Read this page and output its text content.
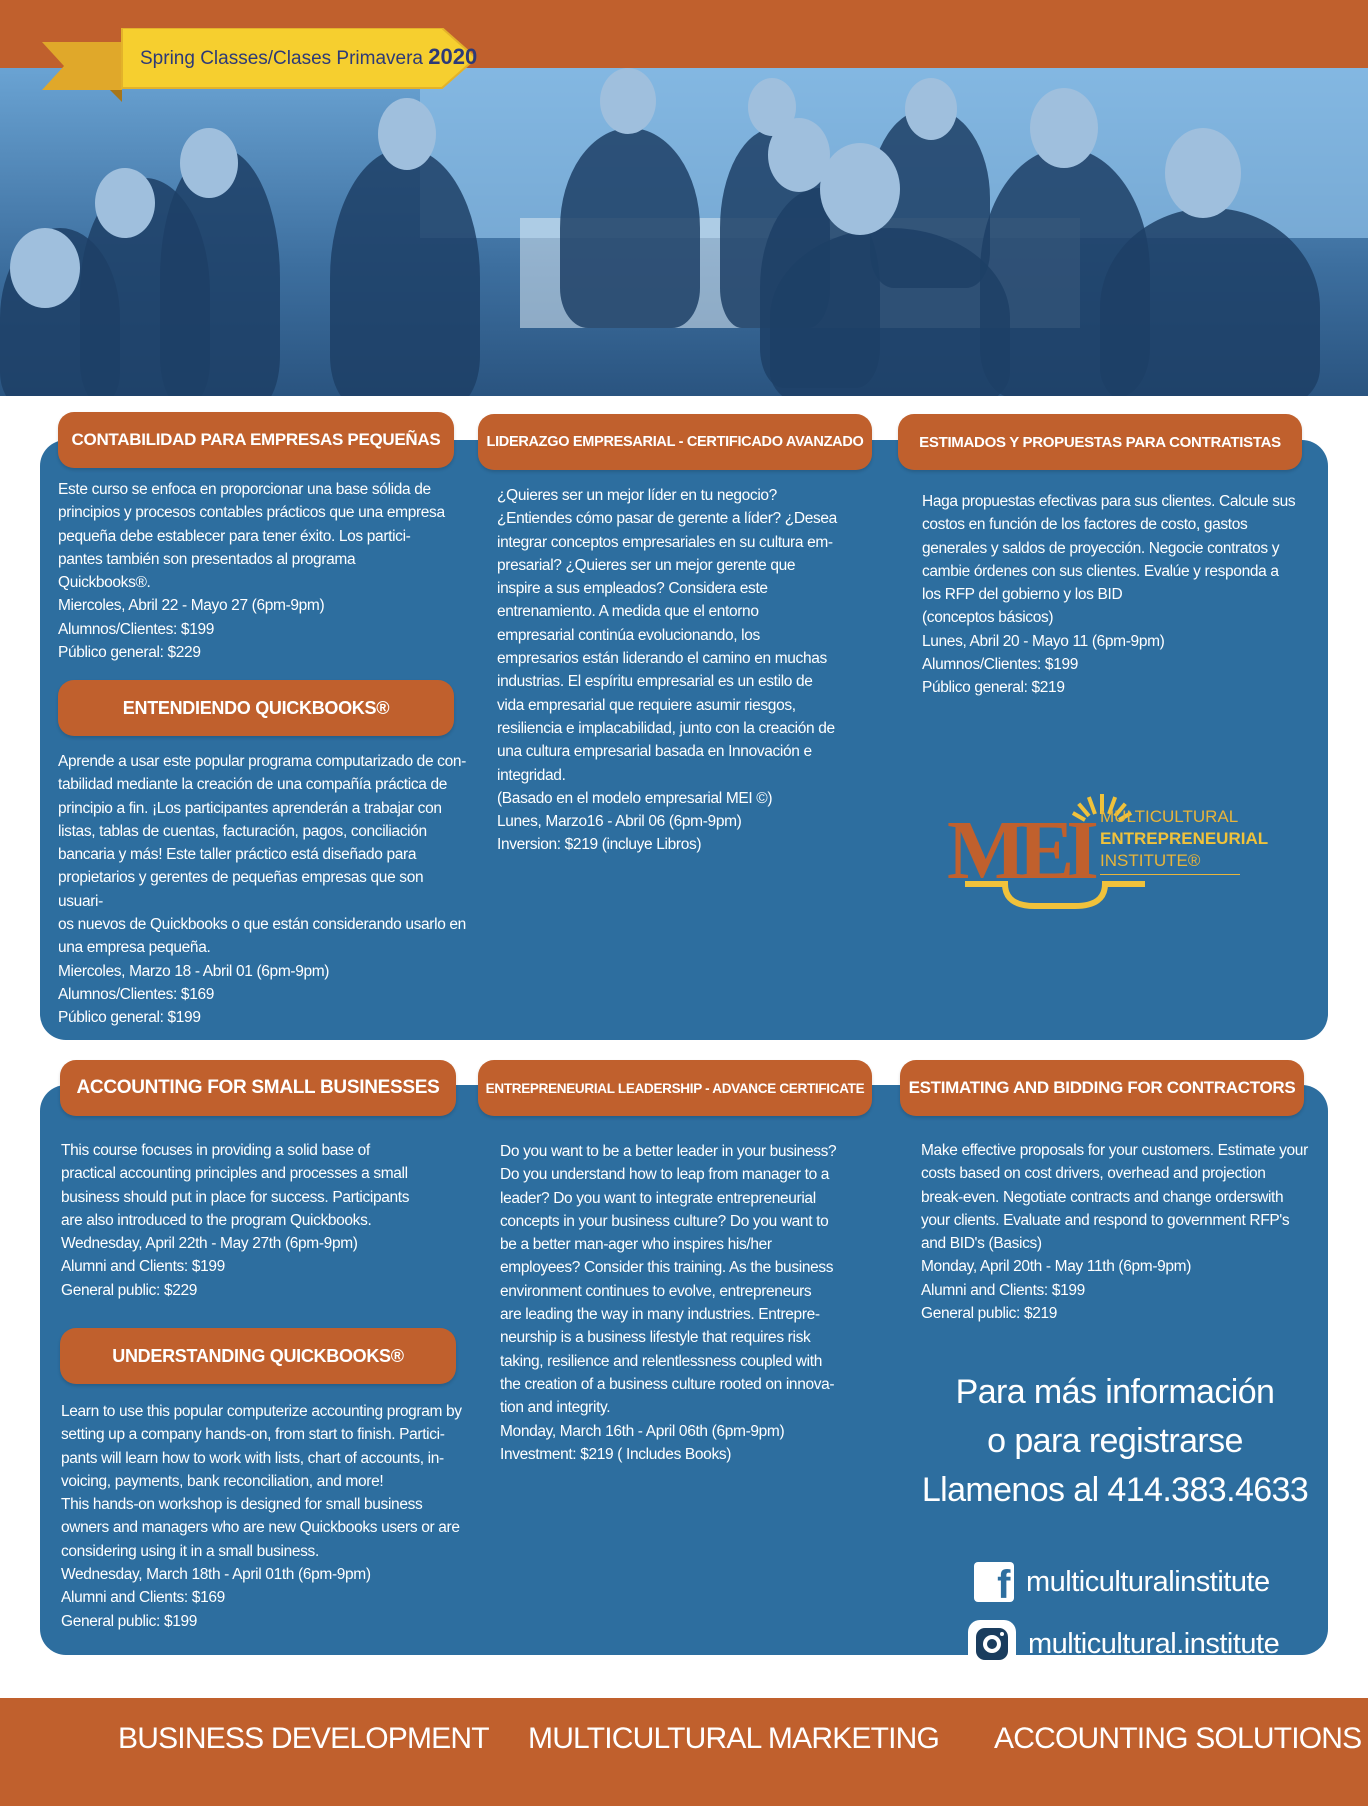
Spring Classes/Clases Primavera 2020
CONTABILIDAD PARA EMPRESAS PEQUEÑAS
Este curso se enfoca en proporcionar una base sólida de
principios y procesos contables prácticos que una empresa
pequeña debe establecer para tener éxito. Los partici-
pantes también son presentados al programa
Quickbooks®.
Miercoles, Abril 22 - Mayo 27 (6pm-9pm)
Alumnos/Clientes: $199
Público general: $229
ENTENDIENDO QUICKBOOKS®
Aprende a usar este popular programa computarizado de con-
tabilidad mediante la creación de una compañía práctica de
principio a fin. ¡Los participantes aprenderán a trabajar con
listas, tablas de cuentas, facturación, pagos, conciliación
bancaria y más! Este taller práctico está diseñado para
propietarios y gerentes de pequeñas empresas que son usuari-
os nuevos de Quickbooks o que están considerando usarlo en
una empresa pequeña.
Miercoles, Marzo 18 - Abril 01 (6pm-9pm)
Alumnos/Clientes: $169
Público general: $199
LIDERAZGO EMPRESARIAL - CERTIFICADO AVANZADO
¿Quieres ser un mejor líder en tu negocio?
¿Entiendes cómo pasar de gerente a líder? ¿Desea
integrar conceptos empresariales en su cultura em-
presarial? ¿Quieres ser un mejor gerente que
inspire a sus empleados? Considera este
entrenamiento. A medida que el entorno
empresarial continúa evolucionando, los
empresarios están liderando el camino en muchas
industrias. El espíritu empresarial es un estilo de
vida empresarial que requiere asumir riesgos,
resiliencia e implacabilidad, junto con la creación de
una cultura empresarial basada en Innovación e
integridad.
(Basado en el modelo empresarial MEI ©)
Lunes, Marzo16 - Abril 06 (6pm-9pm)
Inversion: $219 (incluye Libros)
ESTIMADOS Y PROPUESTAS PARA CONTRATISTAS
Haga propuestas efectivas para sus clientes. Calcule sus
costos en función de los factores de costo, gastos
generales y saldos de proyección. Negocie contratos y
cambie órdenes con sus clientes. Evalúe y responda a
los RFP del gobierno y los BID
(conceptos básicos)
Lunes, Abril 20 - Mayo 11 (6pm-9pm)
Alumnos/Clientes: $199
Público general: $219
MEI MULTICULTURAL
ENTREPRENEURIAL
INSTITUTE®
ACCOUNTING FOR SMALL BUSINESSES
This course focuses in providing a solid base of
practical accounting principles and processes a small
business should put in place for success. Participants
are also introduced to the program Quickbooks.
Wednesday, April 22th - May 27th (6pm-9pm)
Alumni and Clients: $199
General public: $229
UNDERSTANDING QUICKBOOKS®
Learn to use this popular computerize accounting program by
setting up a company hands-on, from start to finish. Partici-
pants will learn how to work with lists, chart of accounts, in-
voicing, payments, bank reconciliation, and more!
This hands-on workshop is designed for small business
owners and managers who are new Quickbooks users or are
considering using it in a small business.
Wednesday, March 18th - April 01th (6pm-9pm)
Alumni and Clients: $169
General public: $199
ENTREPRENEURIAL LEADERSHIP - ADVANCE CERTIFICATE
Do you want to be a better leader in your business?
Do you understand how to leap from manager to a
leader? Do you want to integrate entrepreneurial
concepts in your business culture? Do you want to
be a better man-ager who inspires his/her
employees? Consider this training. As the business
environment continues to evolve, entrepreneurs
are leading the way in many industries. Entrepre-
neurship is a business lifestyle that requires risk
taking, resilience and relentlessness coupled with
the creation of a business culture rooted on innova-
tion and integrity.
Monday, March 16th - April 06th (6pm-9pm)
Investment: $219 ( Includes Books)
ESTIMATING AND BIDDING FOR CONTRACTORS
Make effective proposals for your customers. Estimate your
costs based on cost drivers, overhead and projection
break-even. Negotiate contracts and change orderswith
your clients. Evaluate and respond to government RFP's
and BID's (Basics)
Monday, April 20th - May 11th (6pm-9pm)
Alumni and Clients: $199
General public: $219
Para más información
o para registrarse
Llamenos al 414.383.4633
f multiculturalinstitute
multicultural.institute
BUSINESS DEVELOPMENT MULTICULTURAL MARKETING ACCOUNTING SOLUTIONS
